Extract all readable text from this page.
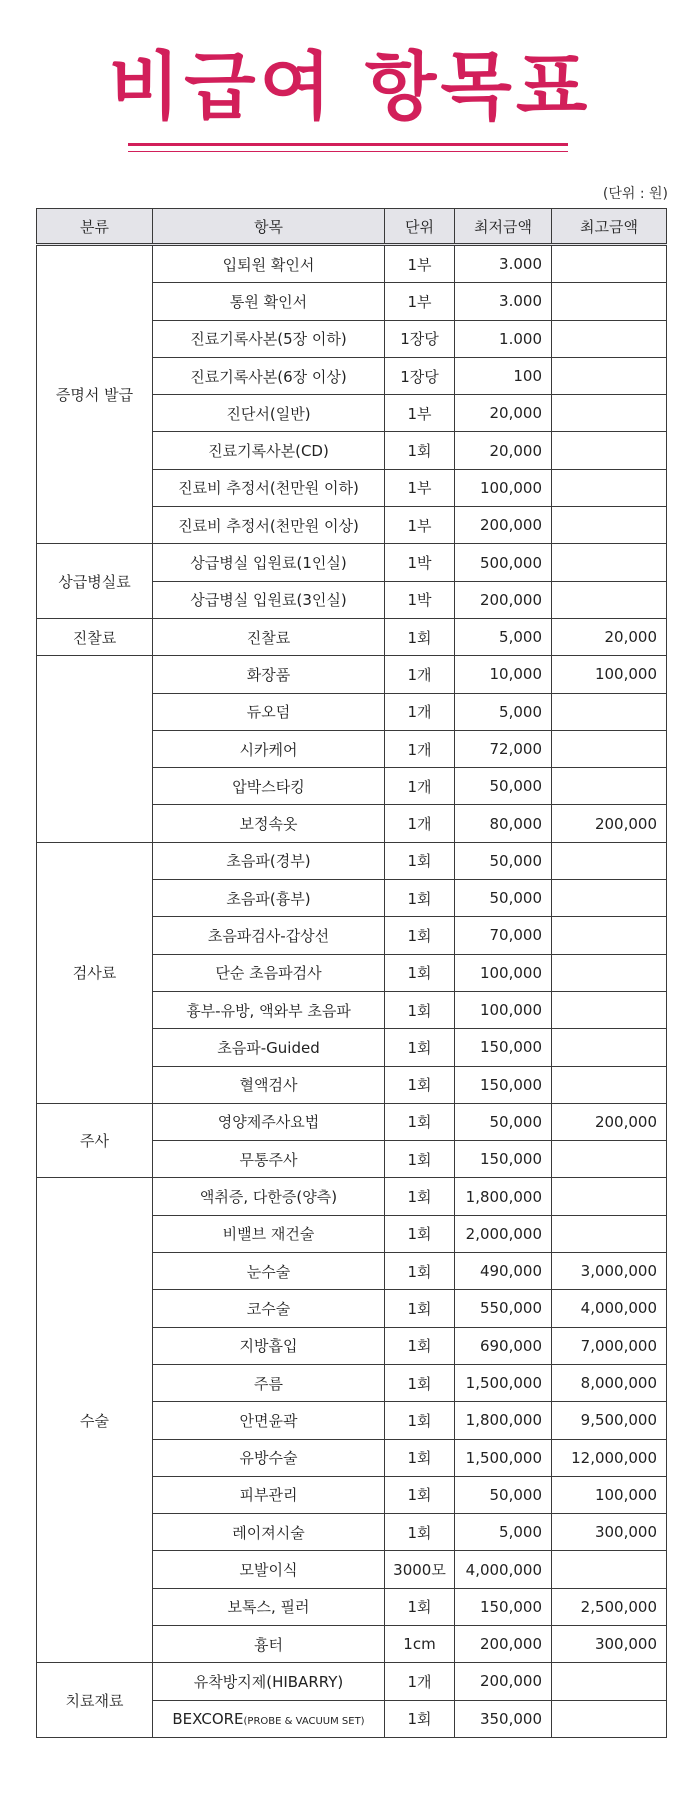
비급여 항목표
(단위 : 원)
분류	항목	단위	최저금액	최고금액
증명서 발급	입퇴원 확인서	1부	3.000	
	통원 확인서	1부	3.000	
	진료기록사본(5장 이하)	1장당	1.000	
	진료기록사본(6장 이상)	1장당	100	
	진단서(일반)	1부	20,000	
	진료기록사본(CD)	1회	20,000	
	진료비 추정서(천만원 이하)	1부	100,000	
	진료비 추정서(천만원 이상)	1부	200,000	
상급병실료	상급병실 입원료(1인실)	1박	500,000	
	상급병실 입원료(3인실)	1박	200,000	
진찰료	진찰료	1회	5,000	20,000
	화장품	1개	10,000	100,000
	듀오덤	1개	5,000	
	시카케어	1개	72,000	
	압박스타킹	1개	50,000	
	보정속옷	1개	80,000	200,000
검사료	초음파(경부)	1회	50,000	
	초음파(흉부)	1회	50,000	
	초음파검사-갑상선	1회	70,000	
	단순 초음파검사	1회	100,000	
	흉부-유방, 액와부 초음파	1회	100,000	
	초음파-Guided	1회	150,000	
	혈액검사	1회	150,000	
주사	영양제주사요법	1회	50,000	200,000
	무통주사	1회	150,000	
수술	액취증, 다한증(양측)	1회	1,800,000	
	비밸브 재건술	1회	2,000,000	
	눈수술	1회	490,000	3,000,000
	코수술	1회	550,000	4,000,000
	지방흡입	1회	690,000	7,000,000
	주름	1회	1,500,000	8,000,000
	안면윤곽	1회	1,800,000	9,500,000
	유방수술	1회	1,500,000	12,000,000
	피부관리	1회	50,000	100,000
	레이져시술	1회	5,000	300,000
	모발이식	3000모	4,000,000	
	보톡스, 필러	1회	150,000	2,500,000
	흉터	1cm	200,000	300,000
치료재료	유착방지제(HIBARRY)	1개	200,000	
	BEXCORE(PROBE & VACUUM SET)	1회	350,000	
